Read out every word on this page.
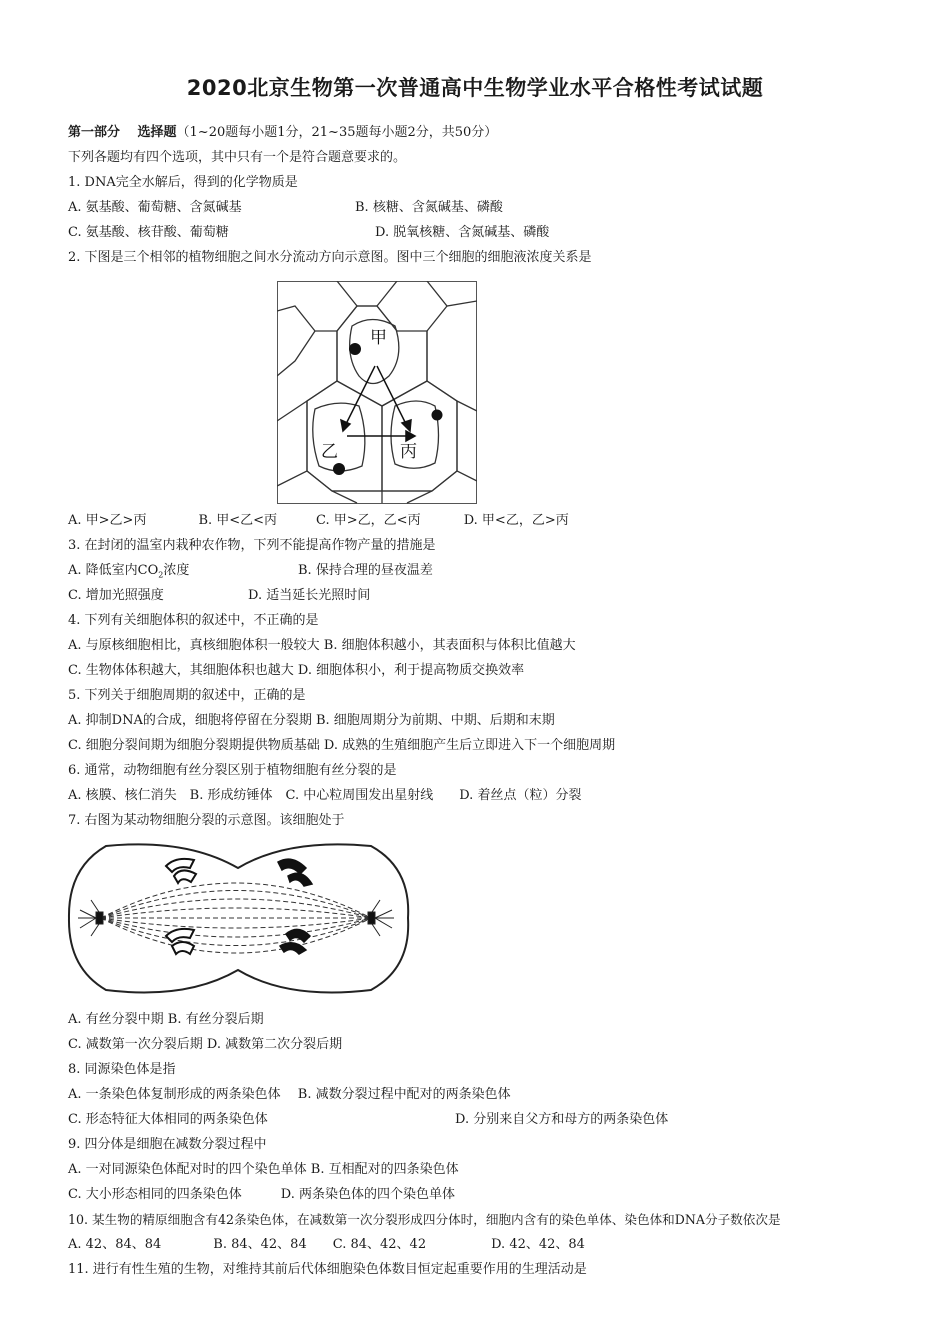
2020北京生物第一次普通高中生物学业水平合格性考试试题
第一部分　 选择题（1~20题每小题1分，21~35题每小题2分，共50分）
下列各题均有四个选项，其中只有一个是符合题意要求的。
1. DNA完全水解后，得到的化学物质是
A. 氨基酸、葡萄糖、含氮碱基	B. 核糖、含氮碱基、磷酸
C. 氨基酸、核苷酸、葡萄糖	D. 脱氧核糖、含氮碱基、磷酸
2. 下图是三个相邻的植物细胞之间水分流动方向示意图。图中三个细胞的细胞液浓度关系是
甲
乙	丙
A. 甲>乙>丙　　　　B. 甲<乙<丙　　　C. 甲>乙，乙<丙　　　 D. 甲<乙，乙>丙
3. 在封闭的温室内栽种农作物，下列不能提高作物产量的措施是
A. 降低室内$CO_2$浓度	B. 保持合理的昼夜温差
C. 增加光照强度	D. 适当延长光照时间
4. 下列有关细胞体积的叙述中，不正确的是
A. 与原核细胞相比，真核细胞体积一般较大 B. 细胞体积越小，其表面积与体积比值越大
C. 生物体体积越大，其细胞体积也越大 D. 细胞体积小，利于提高物质交换效率
5. 下列关于细胞周期的叙述中，正确的是
A. 抑制DNA的合成，细胞将停留在分裂期 B. 细胞周期分为前期、中期、后期和末期
C. 细胞分裂间期为细胞分裂期提供物质基础 D. 成熟的生殖细胞产生后立即进入下一个细胞周期
6. 通常，动物细胞有丝分裂区别于植物细胞有丝分裂的是
A. 核膜、核仁消失　B. 形成纺锤体　C. 中心粒周围发出星射线　　D. 着丝点（粒）分裂
7. 右图为某动物细胞分裂的示意图。该细胞处于
A. 有丝分裂中期 B. 有丝分裂后期
C. 减数第一次分裂后期 D. 减数第二次分裂后期
8. 同源染色体是指
A. 一条染色体复制形成的两条染色体　 B. 减数分裂过程中配对的两条染色体
C. 形态特征大体相同的两条染色体	D. 分别来自父方和母方的两条染色体
9. 四分体是细胞在减数分裂过程中
A. 一对同源染色体配对时的四个染色单体 B. 互相配对的四条染色体
C. 大小形态相同的四条染色体　　　D. 两条染色体的四个染色单体
10. 某生物的精原细胞含有42条染色体，在减数第一次分裂形成四分体时，细胞内含有的染色单体、染色体和DNA分子数依次是
A. 42、84、84　　　　B. 84、42、84　　C. 84、42、42　　　　　D. 42、42、84
11. 进行有性生殖的生物，对维持其前后代体细胞染色体数目恒定起重要作用的生理活动是
